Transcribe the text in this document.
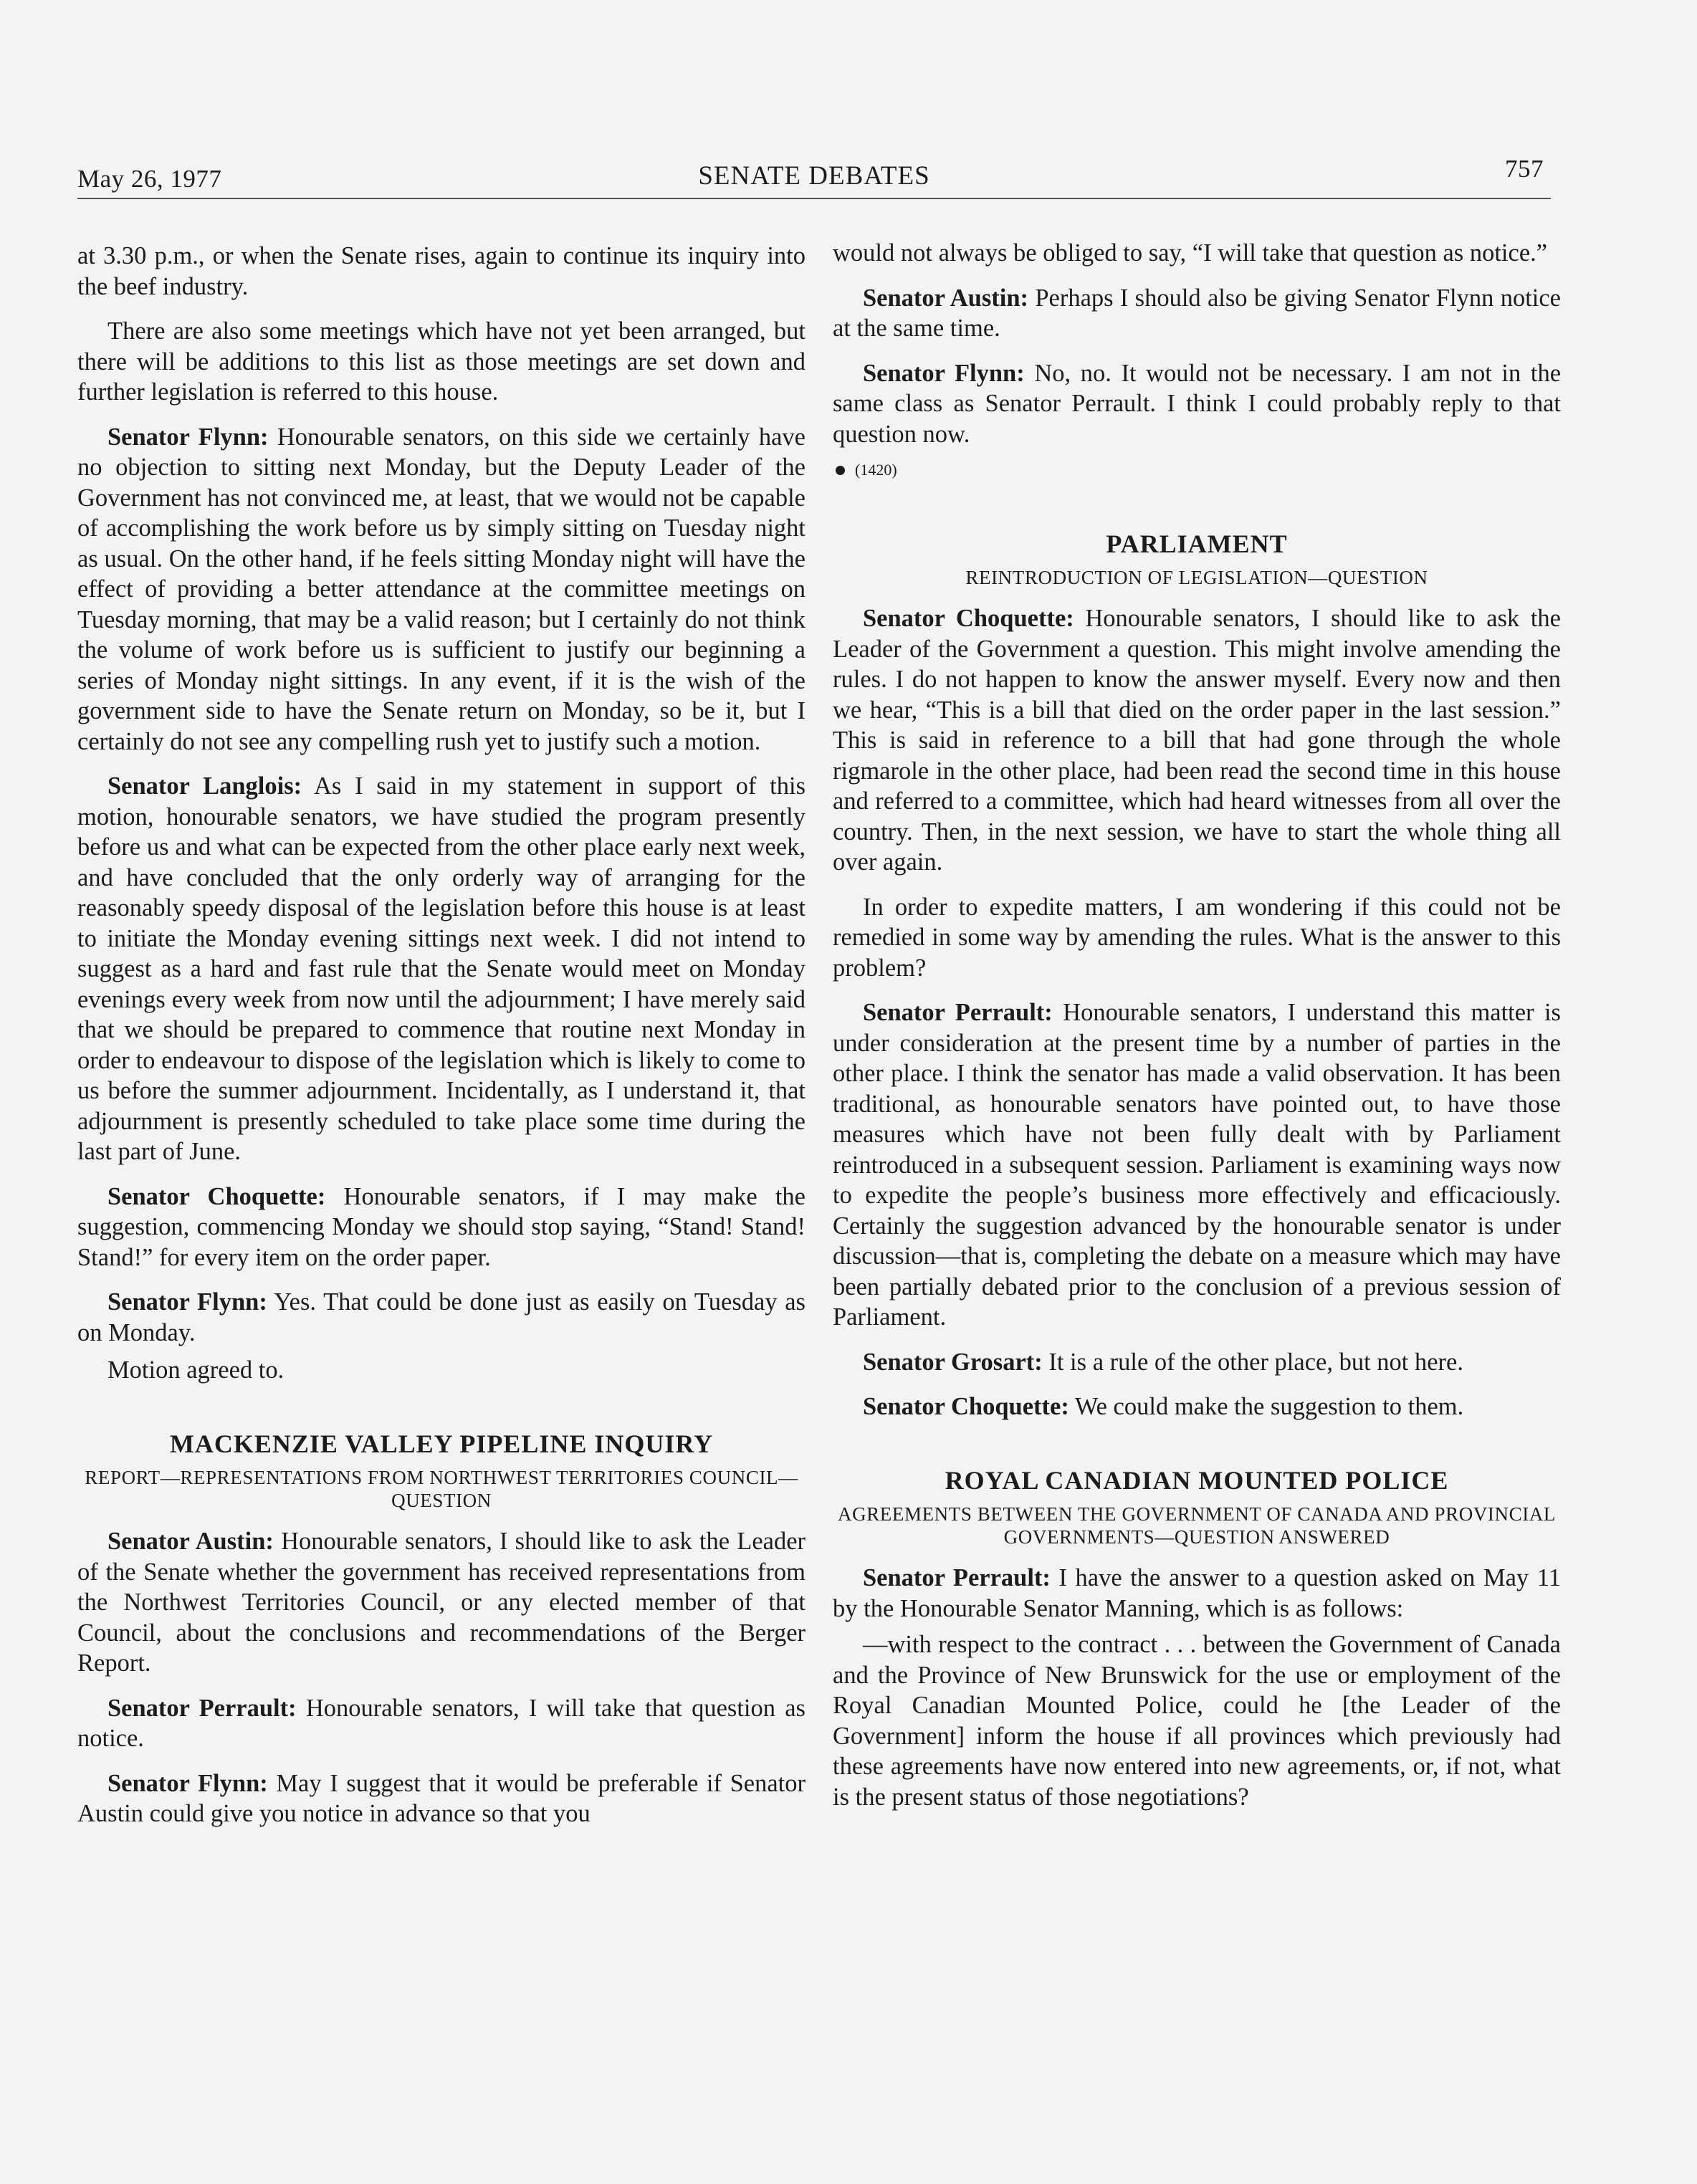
May 26, 1977	SENATE DEBATES	757

at 3.30 p.m., or when the Senate rises, again to continue its inquiry into the beef industry.

There are also some meetings which have not yet been arranged, but there will be additions to this list as those meetings are set down and further legislation is referred to this house.

Senator Flynn: Honourable senators, on this side we certainly have no objection to sitting next Monday, but the Deputy Leader of the Government has not convinced me, at least, that we would not be capable of accomplishing the work before us by simply sitting on Tuesday night as usual. On the other hand, if he feels sitting Monday night will have the effect of providing a better attendance at the committee meetings on Tuesday morning, that may be a valid reason; but I certainly do not think the volume of work before us is sufficient to justify our beginning a series of Monday night sittings. In any event, if it is the wish of the government side to have the Senate return on Monday, so be it, but I certainly do not see any compelling rush yet to justify such a motion.

Senator Langlois: As I said in my statement in support of this motion, honourable senators, we have studied the program presently before us and what can be expected from the other place early next week, and have concluded that the only orderly way of arranging for the reasonably speedy disposal of the legislation before this house is at least to initiate the Monday evening sittings next week. I did not intend to suggest as a hard and fast rule that the Senate would meet on Monday evenings every week from now until the adjournment; I have merely said that we should be prepared to commence that routine next Monday in order to endeavour to dispose of the legislation which is likely to come to us before the summer adjournment. Incidentally, as I understand it, that adjournment is presently scheduled to take place some time during the last part of June.

Senator Choquette: Honourable senators, if I may make the suggestion, commencing Monday we should stop saying, “Stand! Stand! Stand!” for every item on the order paper.

Senator Flynn: Yes. That could be done just as easily on Tuesday as on Monday.

Motion agreed to.

MACKENZIE VALLEY PIPELINE INQUIRY
REPORT—REPRESENTATIONS FROM NORTHWEST TERRITORIES COUNCIL—QUESTION

Senator Austin: Honourable senators, I should like to ask the Leader of the Senate whether the government has received representations from the Northwest Territories Council, or any elected member of that Council, about the conclusions and recommendations of the Berger Report.

Senator Perrault: Honourable senators, I will take that question as notice.

Senator Flynn: May I suggest that it would be preferable if Senator Austin could give you notice in advance so that you

would not always be obliged to say, “I will take that question as notice.”

Senator Austin: Perhaps I should also be giving Senator Flynn notice at the same time.

Senator Flynn: No, no. It would not be necessary. I am not in the same class as Senator Perrault. I think I could probably reply to that question now.

(1420)
PARLIAMENT
REINTRODUCTION OF LEGISLATION—QUESTION

Senator Choquette: Honourable senators, I should like to ask the Leader of the Government a question. This might involve amending the rules. I do not happen to know the answer myself. Every now and then we hear, “This is a bill that died on the order paper in the last session.” This is said in reference to a bill that had gone through the whole rigmarole in the other place, had been read the second time in this house and referred to a committee, which had heard witnesses from all over the country. Then, in the next session, we have to start the whole thing all over again.

In order to expedite matters, I am wondering if this could not be remedied in some way by amending the rules. What is the answer to this problem?

Senator Perrault: Honourable senators, I understand this matter is under consideration at the present time by a number of parties in the other place. I think the senator has made a valid observation. It has been traditional, as honourable senators have pointed out, to have those measures which have not been fully dealt with by Parliament reintroduced in a subsequent session. Parliament is examining ways now to expedite the people’s business more effectively and efficaciously. Certainly the suggestion advanced by the honourable senator is under discussion—that is, completing the debate on a measure which may have been partially debated prior to the conclusion of a previous session of Parliament.

Senator Grosart: It is a rule of the other place, but not here.

Senator Choquette: We could make the suggestion to them.

ROYAL CANADIAN MOUNTED POLICE
AGREEMENTS BETWEEN THE GOVERNMENT OF CANADA AND PROVINCIAL GOVERNMENTS—QUESTION ANSWERED

Senator Perrault: I have the answer to a question asked on May 11 by the Honourable Senator Manning, which is as follows:

—with respect to the contract . . . between the Government of Canada and the Province of New Brunswick for the use or employment of the Royal Canadian Mounted Police, could he [the Leader of the Government] inform the house if all provinces which previously had these agreements have now entered into new agreements, or, if not, what is the present status of those negotiations?
